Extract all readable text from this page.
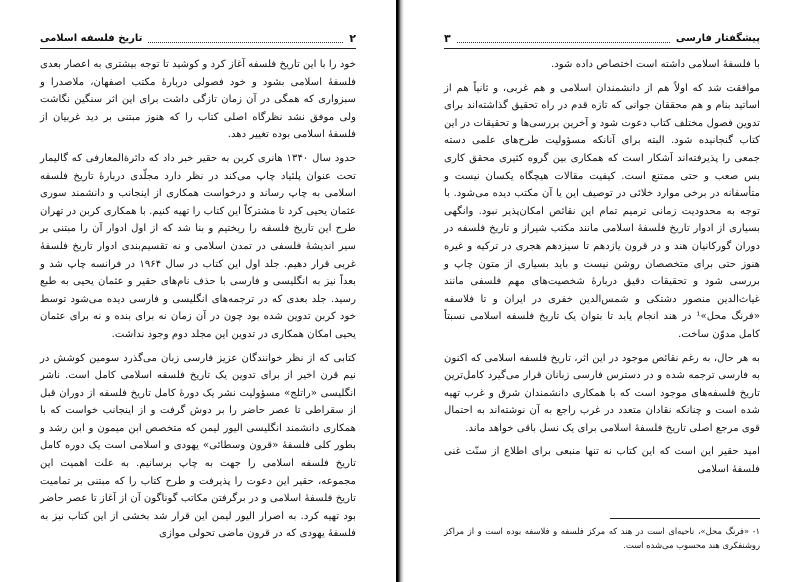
۲
تاریخ فلسفه اسلامی

خود را با این تاریخ فلسفه آغاز کرد و کوشید تا توجه بیشتری به اعصار بعدی فلسفهٔ اسلامی بشود و خود فصولی دربارهٔ مکتب اصفهان، ملاصدرا و سبزواری که همگی در آن زمان تازگی داشت برای این اثر سنگین نگاشت ولی موفق نشد نظرگاه اصلی کتاب را که هنوز مبتنی بر دید غربیان از فلسفهٔ اسلامی بوده تغییر دهد.

حدود سال ۱۳۴۰ هانری کربن به حقیر خبر داد که دائرةالمعارفی که گالیمار تحت عنوان پلئیاد چاپ می‌کند در نظر دارد مجلّدی دربارهٔ تاریخ فلسفه اسلامی به چاپ رساند و درخواست همکاری از اینجانب و دانشمند سوری عثمان یحیی کرد تا مشترکاً این کتاب را تهیه کنیم. با همکاری کربن در تهران طرح این تاریخ فلسفه را ریختیم و بنا شد که از اول ادوار آن را مبتنی بر سیر اندیشهٔ فلسفی در تمدن اسلامی و نه تقسیم‌بندی ادوار تاریخ فلسفهٔ غربی قرار دهیم. جلد اول این کتاب در سال ۱۹۶۴ در فرانسه چاپ شد و بعداً نیز به انگلیسی و فارسی با حذف نام‌های حقیر و عثمان یحیی به طبع رسید. جلد بعدی که در ترجمه‌های انگلیسی و فارسی دیده می‌شود توسط خود کربن تدوین شده بود چون در آن زمان نه برای بنده و نه برای عثمان یحیی امکان همکاری در تدوین این مجلد دوم وجود نداشت.

کتابی که از نظر خوانندگان عزیز فارسی زبان می‌گذرد سومین کوشش در نیم قرن اخیر از برای تدوین یک تاریخ فلسفه اسلامی کامل است. ناشر انگلیسی «راتلج» مسؤولیت نشر یک دورهٔ کامل تاریخ فلسفه از دوران قبل از سقراطی تا عصر حاضر را بر دوش گرفت و از اینجانب خواست که با همکاری دانشمند انگلیسی الیور لیمن که متخصص ابن میمون و ابن رشد و بطور کلی فلسفهٔ «قرون وسطائی» یهودی و اسلامی است یک دوره کامل تاریخ فلسفه اسلامی را جهت به چاپ برسانیم. به علت اهمیت این مجموعه، حقیر این دعوت را پذیرفت و طرح کتاب را که مبتنی بر تمامیت تاریخ فلسفهٔ اسلامی و در برگرفتن مکاتب گوناگون آن از آغاز تا عصر حاضر بود تهیه کرد. به اصرار الیور لیمن این قرار شد بخشی از این کتاب نیز به فلسفهٔ یهودی که در قرون ماضی تحولی موازی

پیشگفتار فارسی
۳

با فلسفهٔ اسلامی داشته است اختصاص داده شود.

موافقت شد که اولاً هم از دانشمندان اسلامی و هم غربی، و ثانیاً هم از اساتید بنام و هم محققان جوانی که تازه قدم در راه تحقیق گذاشته‌اند برای تدوین فصول مختلف کتاب دعوت شود و آخرین بررسی‌ها و تحقیقات در این کتاب گنجانیده شود. البته برای آنانکه مسؤولیت طرح‌های علمی دسته جمعی را پذیرفته‌اند آشکار است که همکاری بین گروه کثیری محقق کاری بس صعب و حتی ممتنع است. کیفیت مقالات هیچگاه یکسان نیست و متأسفانه در برخی موارد خلائی در توصیف این یا آن مکتب دیده می‌شود. با توجه به محدودیت زمانی ترمیم تمام این نقائص امکان‌پذیر نبود. وانگهی بسیاری از ادوار تاریخ فلسفهٔ اسلامی مانند مکتب شیراز و تاریخ فلسفه در دوران گورکانیان هند و در قرون یازدهم تا سیزدهم هجری در ترکیه و غیره هنوز حتی برای متخصصان روشن نیست و باید بسیاری از متون چاپ و بررسی شود و تحقیقات دقیق دربارهٔ شخصیت‌های مهم فلسفی مانند غیاث‌الدین منصور دشتکی و شمس‌الدین خفری در ایران و تا فلاسفه «فرنگ محل»¹ در هند انجام یابد تا بتوان یک تاریخ فلسفه اسلامی نسبتاً کامل مدوّن ساخت.

به هر حال، به رغم نقائص موجود در این اثر، تاریخ فلسفه اسلامی که اکنون به فارسی ترجمه شده و در دسترس فارسی زبانان قرار می‌گیرد کامل‌ترین تاریخ فلسفه‌های موجود است که با همکاری دانشمندان شرق و غرب تهیه شده است و چنانکه نقادان متعدد در غرب راجع به آن نوشته‌اند به احتمال قوی مرجع اصلی تاریخ فلسفهٔ اسلامی برای یک نسل باقی خواهد ماند.

امید حقیر این است که این کتاب نه تنها منبعی برای اطلاع از سنّت غنی فلسفهٔ اسلامی

۱- «فرنگ محل»، ناحیه‌ای است در هند که مرکز فلسفه و فلاسفه بوده است و از مراکز روشنفکری هند محسوب می‌شده است.
